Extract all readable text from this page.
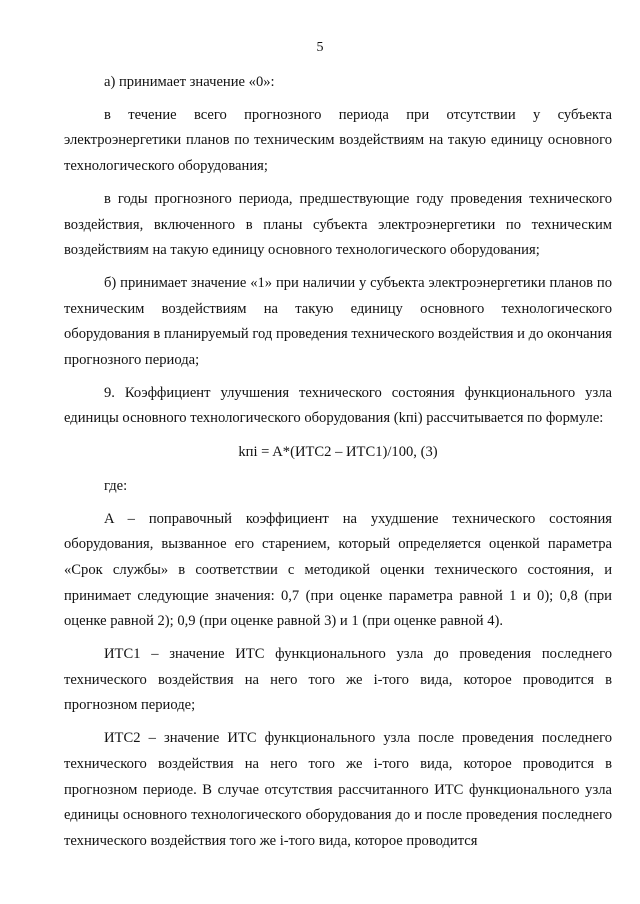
5

а) принимает значение «0»:

в течение всего прогнозного периода при отсутствии у субъекта электроэнергетики планов по техническим воздействиям на такую единицу основного технологического оборудования;

в годы прогнозного периода, предшествующие году проведения технического воздействия, включенного в планы субъекта электроэнергетики по техническим воздействиям на такую единицу основного технологического оборудования;

б) принимает значение «1» при наличии у субъекта электроэнергетики планов по техническим воздействиям на такую единицу основного технологического оборудования в планируемый год проведения технического воздействия и до окончания прогнозного периода;

9. Коэффициент улучшения технического состояния функционального узла единицы основного технологического оборудования (kпi) рассчитывается по формуле:

kпi = A*(ИТС2 – ИТС1)/100, (3)

где:

A – поправочный коэффициент на ухудшение технического состояния оборудования, вызванное его старением, который определяется оценкой параметра «Срок службы» в соответствии с методикой оценки технического состояния, и принимает следующие значения: 0,7 (при оценке параметра равной 1 и 0); 0,8 (при оценке равной 2); 0,9 (при оценке равной 3) и 1 (при оценке равной 4).

ИТС1 – значение ИТС функционального узла до проведения последнего технического воздействия на него того же i-того вида, которое проводится в прогнозном периоде;

ИТС2 – значение ИТС функционального узла после проведения последнего технического воздействия на него того же i-того вида, которое проводится в прогнозном периоде. В случае отсутствия рассчитанного ИТС функционального узла единицы основного технологического оборудования до и после проведения последнего технического воздействия того же i-того вида, которое проводится
